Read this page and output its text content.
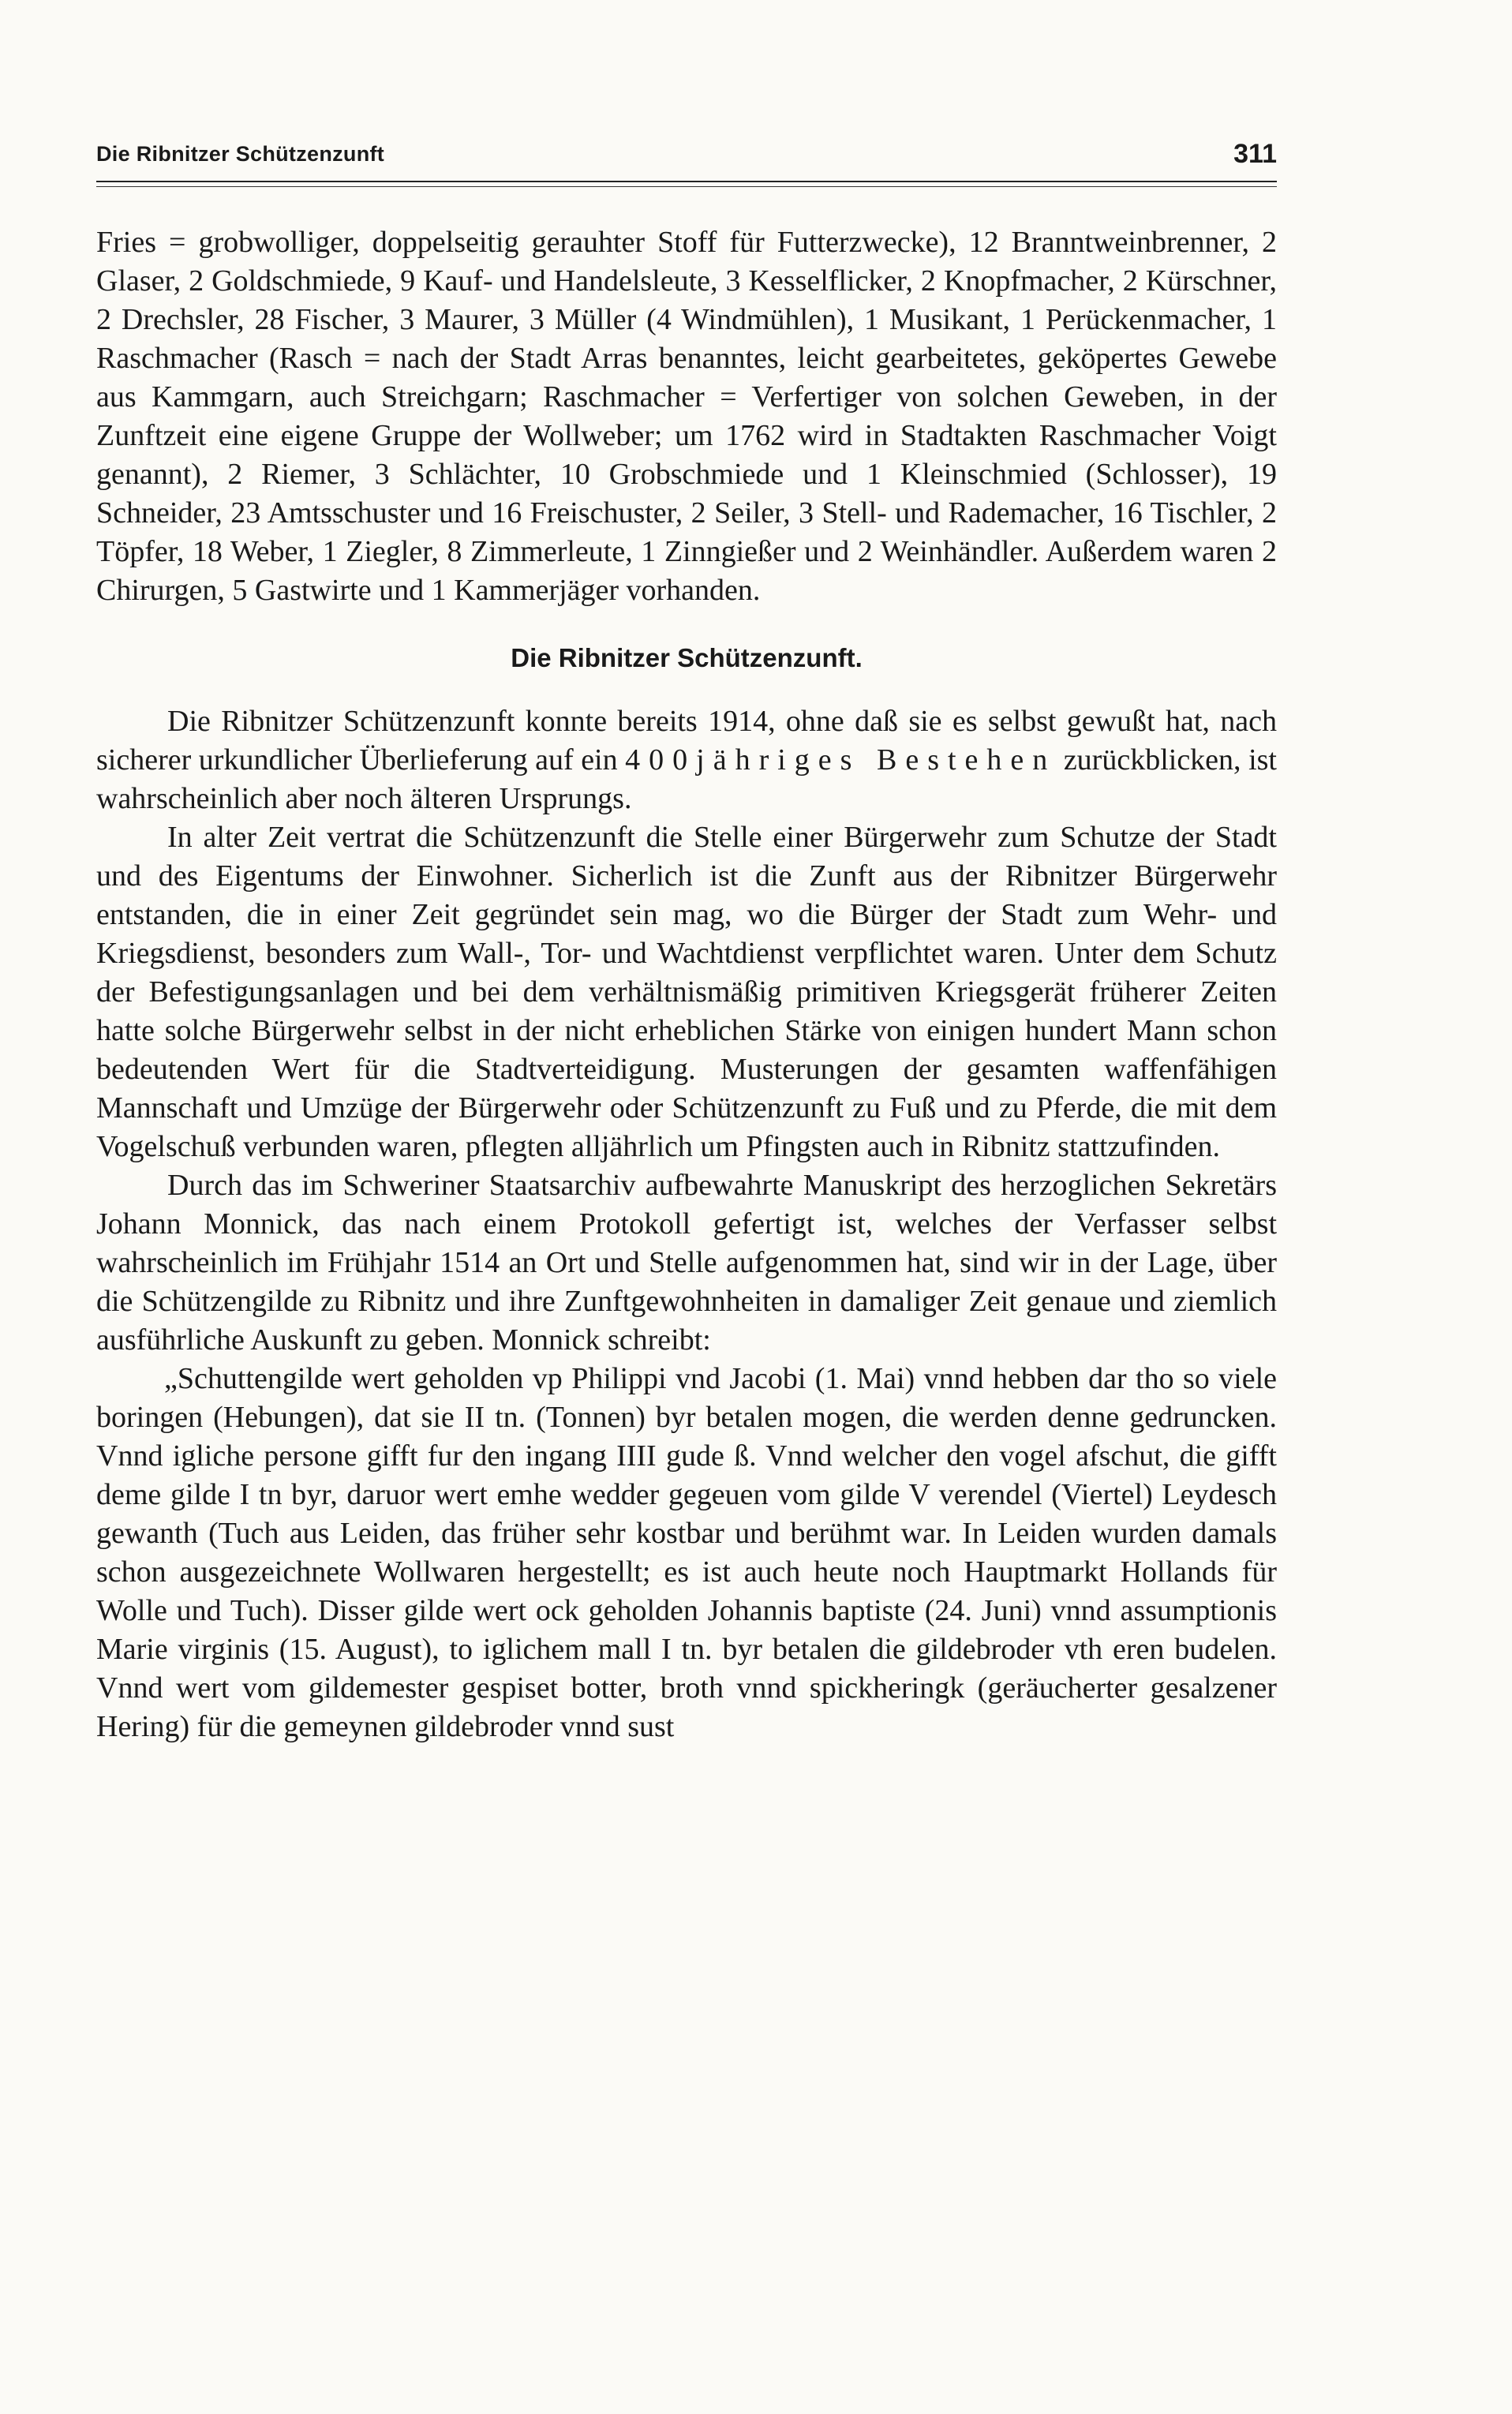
Die Ribnitzer Schützenzunft	311

Fries = grobwolliger, doppelseitig gerauhter Stoff für Futterzwecke), 12 Branntweinbrenner, 2 Glaser, 2 Goldschmiede, 9 Kauf- und Handelsleute, 3 Kesselflicker, 2 Knopfmacher, 2 Kürschner, 2 Drechsler, 28 Fischer, 3 Maurer, 3 Müller (4 Windmühlen), 1 Musikant, 1 Perückenmacher, 1 Raschmacher (Rasch = nach der Stadt Arras benanntes, leicht gearbeitetes, geköpertes Gewebe aus Kammgarn, auch Streichgarn; Raschmacher = Verfertiger von solchen Geweben, in der Zunftzeit eine eigene Gruppe der Wollweber; um 1762 wird in Stadtakten Raschmacher Voigt genannt), 2 Riemer, 3 Schlächter, 10 Grobschmiede und 1 Kleinschmied (Schlosser), 19 Schneider, 23 Amtsschuster und 16 Freischuster, 2 Seiler, 3 Stell- und Rademacher, 16 Tischler, 2 Töpfer, 18 Weber, 1 Ziegler, 8 Zimmerleute, 1 Zinngießer und 2 Weinhändler. Außerdem waren 2 Chirurgen, 5 Gastwirte und 1 Kammerjäger vorhanden.

Die Ribnitzer Schützenzunft.

Die Ribnitzer Schützenzunft konnte bereits 1914, ohne daß sie es selbst gewußt hat, nach sicherer urkundlicher Überlieferung auf ein 400jähriges Bestehen zurückblicken, ist wahrscheinlich aber noch älteren Ursprungs.

In alter Zeit vertrat die Schützenzunft die Stelle einer Bürgerwehr zum Schutze der Stadt und des Eigentums der Einwohner. Sicherlich ist die Zunft aus der Ribnitzer Bürgerwehr entstanden, die in einer Zeit gegründet sein mag, wo die Bürger der Stadt zum Wehr- und Kriegsdienst, besonders zum Wall-, Tor- und Wachtdienst verpflichtet waren. Unter dem Schutz der Befestigungsanlagen und bei dem verhältnismäßig primitiven Kriegsgerät früherer Zeiten hatte solche Bürgerwehr selbst in der nicht erheblichen Stärke von einigen hundert Mann schon bedeutenden Wert für die Stadtverteidigung. Musterungen der gesamten waffenfähigen Mannschaft und Umzüge der Bürgerwehr oder Schützenzunft zu Fuß und zu Pferde, die mit dem Vogelschuß verbunden waren, pflegten alljährlich um Pfingsten auch in Ribnitz stattzufinden.

Durch das im Schweriner Staatsarchiv aufbewahrte Manuskript des herzoglichen Sekretärs Johann Monnick, das nach einem Protokoll gefertigt ist, welches der Verfasser selbst wahrscheinlich im Frühjahr 1514 an Ort und Stelle aufgenommen hat, sind wir in der Lage, über die Schützengilde zu Ribnitz und ihre Zunftgewohnheiten in damaliger Zeit genaue und ziemlich ausführliche Auskunft zu geben. Monnick schreibt:

„Schuttengilde wert geholden vp Philippi vnd Jacobi (1. Mai) vnnd hebben dar tho so viele boringen (Hebungen), dat sie II tn. (Tonnen) byr betalen mogen, die werden denne gedruncken. Vnnd igliche persone gifft fur den ingang IIII gude ß. Vnnd welcher den vogel afschut, die gifft deme gilde I tn byr, daruor wert emhe wedder gegeuen vom gilde V verendel (Viertel) Leydesch gewanth (Tuch aus Leiden, das früher sehr kostbar und berühmt war. In Leiden wurden damals schon ausgezeichnete Wollwaren hergestellt; es ist auch heute noch Hauptmarkt Hollands für Wolle und Tuch). Disser gilde wert ock geholden Johannis baptiste (24. Juni) vnnd assumptionis Marie virginis (15. August), to iglichem mall I tn. byr betalen die gildebroder vth eren budelen. Vnnd wert vom gildemester gespiset botter, broth vnnd spickheringk (geräucherter gesalzener Hering) für die gemeynen gildebroder vnnd sust
